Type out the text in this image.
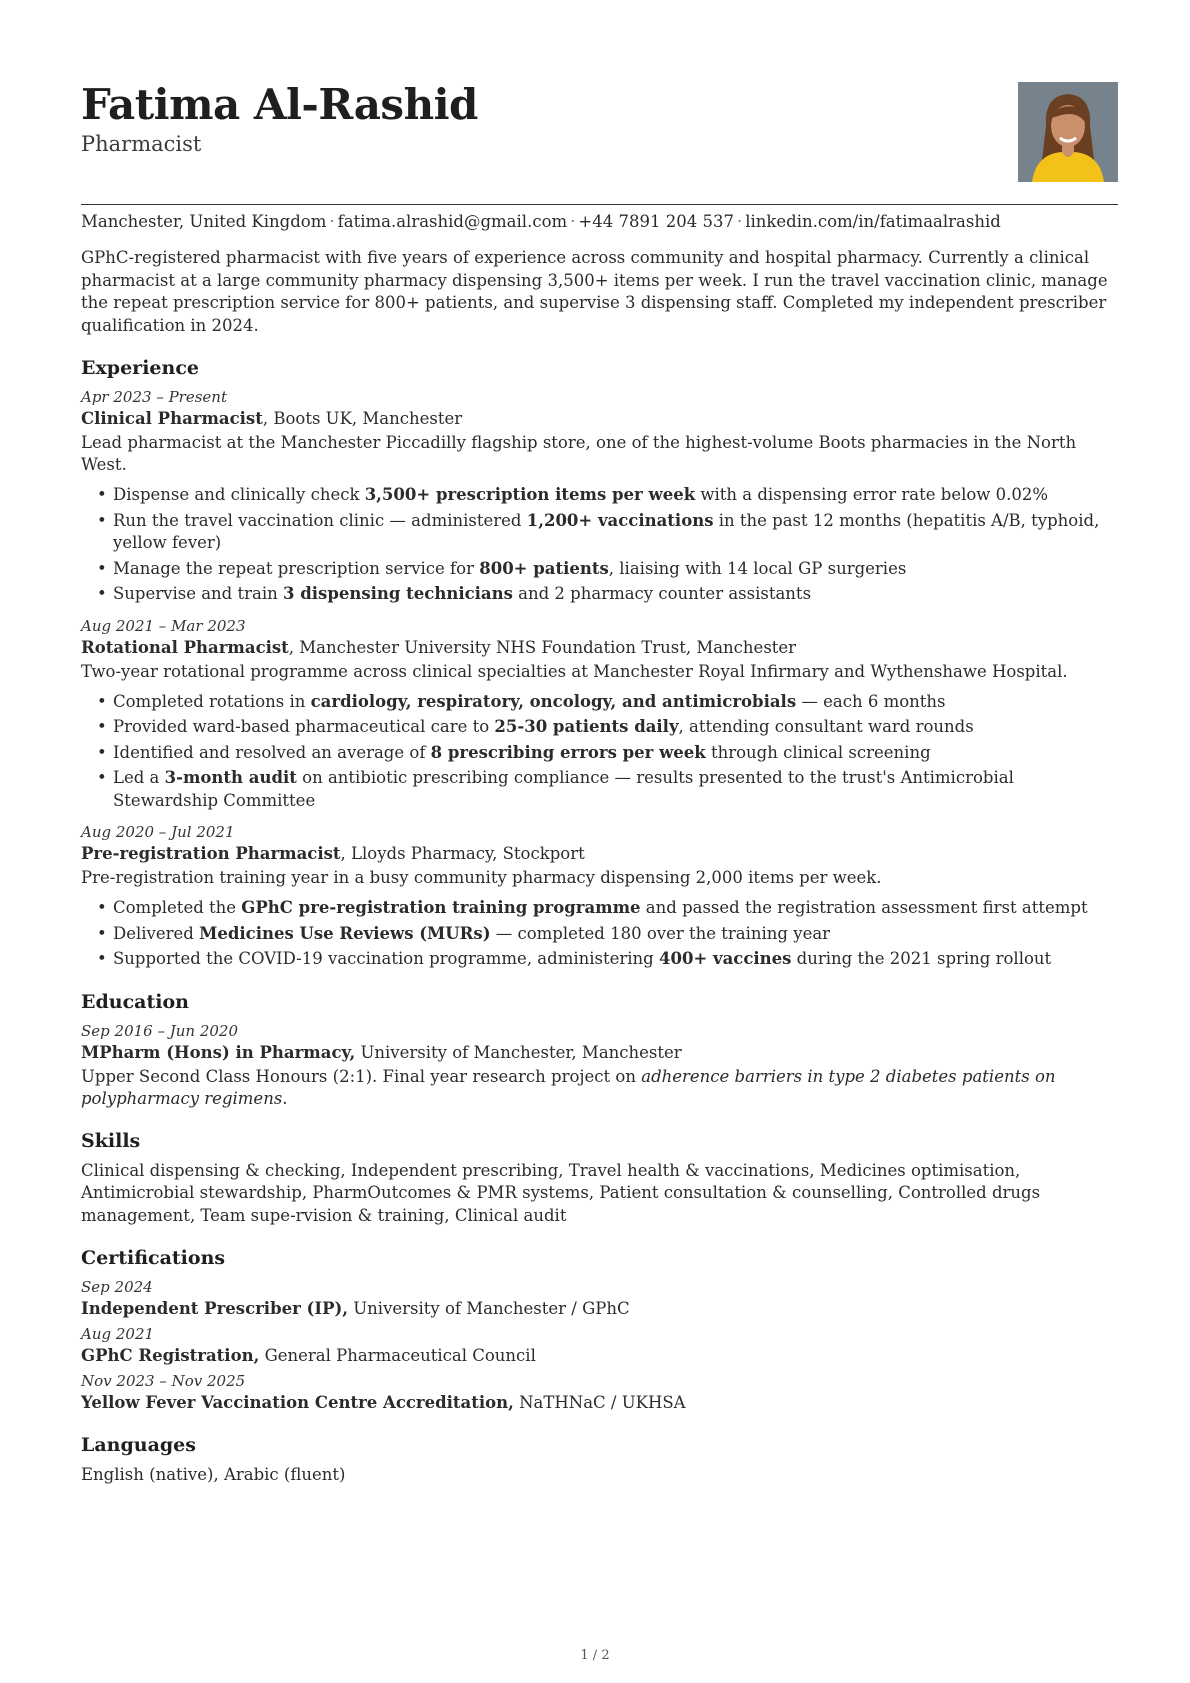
Fatima Al-Rashid
Pharmacist
Manchester, United Kingdom · fatima.alrashid@gmail.com · +44 7891 204 537 · linkedin.com/in/fatimaalrashid
GPhC-registered pharmacist with five years of experience across community and hospital pharmacy. Currently a clinical pharmacist at a large community pharmacy dispensing 3,500+ items per week. I run the travel vaccination clinic, manage the repeat prescription service for 800+ patients, and supervise 3 dispensing staff. Completed my independent prescriber qualification in 2024.
Experience
Apr 2023 – Present
Clinical Pharmacist, Boots UK, Manchester
Lead pharmacist at the Manchester Piccadilly flagship store, one of the highest-volume Boots pharmacies in the North West.
• Dispense and clinically check 3,500+ prescription items per week with a dispensing error rate below 0.02%
• Run the travel vaccination clinic — administered 1,200+ vaccinations in the past 12 months (hepatitis A/B, typhoid, yellow fever)
• Manage the repeat prescription service for 800+ patients, liaising with 14 local GP surgeries
• Supervise and train 3 dispensing technicians and 2 pharmacy counter assistants
Aug 2021 – Mar 2023
Rotational Pharmacist, Manchester University NHS Foundation Trust, Manchester
Two-year rotational programme across clinical specialties at Manchester Royal Infirmary and Wythenshawe Hospital.
• Completed rotations in cardiology, respiratory, oncology, and antimicrobials — each 6 months
• Provided ward-based pharmaceutical care to 25-30 patients daily, attending consultant ward rounds
• Identified and resolved an average of 8 prescribing errors per week through clinical screening
• Led a 3-month audit on antibiotic prescribing compliance — results presented to the trust's Antimicrobial Stewardship Committee
Aug 2020 – Jul 2021
Pre-registration Pharmacist, Lloyds Pharmacy, Stockport
Pre-registration training year in a busy community pharmacy dispensing 2,000 items per week.
• Completed the GPhC pre-registration training programme and passed the registration assessment first attempt
• Delivered Medicines Use Reviews (MURs) — completed 180 over the training year
• Supported the COVID-19 vaccination programme, administering 400+ vaccines during the 2021 spring rollout
Education
Sep 2016 – Jun 2020
MPharm (Hons) in Pharmacy, University of Manchester, Manchester
Upper Second Class Honours (2:1). Final year research project on adherence barriers in type 2 diabetes patients on polypharmacy regimens.
Skills
Clinical dispensing & checking, Independent prescribing, Travel health & vaccinations, Medicines optimisation, Antimicrobial stewardship, PharmOutcomes & PMR systems, Patient consultation & counselling, Controlled drugs management, Team supe-rvision & training, Clinical audit
Certifications
Sep 2024
Independent Prescriber (IP), University of Manchester / GPhC
Aug 2021
GPhC Registration, General Pharmaceutical Council
Nov 2023 – Nov 2025
Yellow Fever Vaccination Centre Accreditation, NaTHNaC / UKHSA
Languages
English (native), Arabic (fluent)
1 / 2
